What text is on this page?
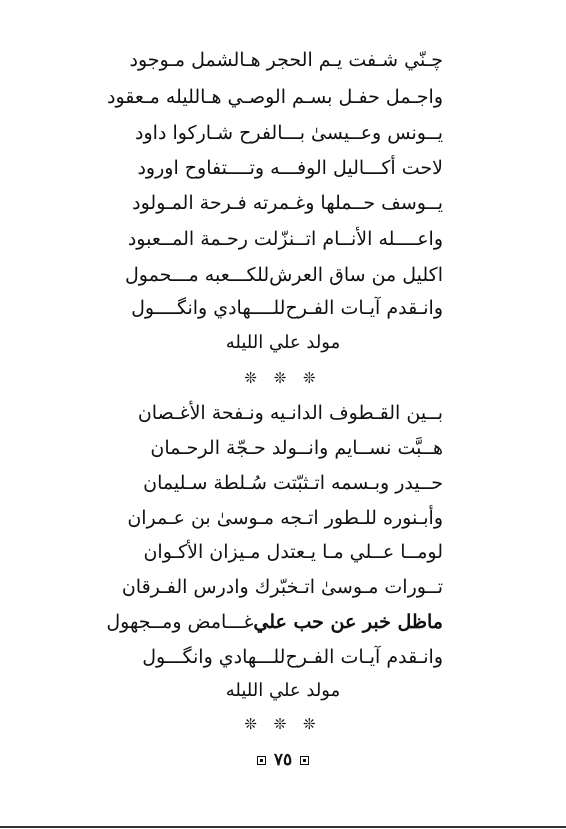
چـنّي شـفت يـم الحجر هـالشمل مـوجود
واجـمل حفـل بسـم الوصـي هـالليله مـعقود
يــونس وعــيسىٰ بـــالفرح شـاركوا داود
لاحت أكـــاليل الوفـــه وتــــتفاوح اورود
يــوسف حــملها وغـمرته فـرحة المـولود
واعــــله الأنــام اتــنزّلت رحـمة المــعبود
اكليل من ساق العرش
للكـــعبه مـــحمول
وانـقدم آيـات الفـرح
للــــهادي وانگــــول
مولد علي الليله
❊ ❊ ❊
بــين القـطوف الدانـيه ونـفحة الأغـصان
هــبَّت نســايم وانــولد حـجّة الرحـمان
حــيدر وبـسمه اتـثبّتت سُـلطة سـليمان
وأبـنوره للـطور اتـجه مـوسىٰ بن عـمران
لومــا عــلي مـا يـعتدل مـيزان الأكـوان
تــورات مـوسىٰ اتـخبّرك وادرس الفـرقان
ماظل خبر عن حب علي
غـــامض ومــجهول
وانـقدم آيـات الفـرح
للـــهادي وانگـــول
مولد علي الليله
❊ ❊ ❊
٧٥
